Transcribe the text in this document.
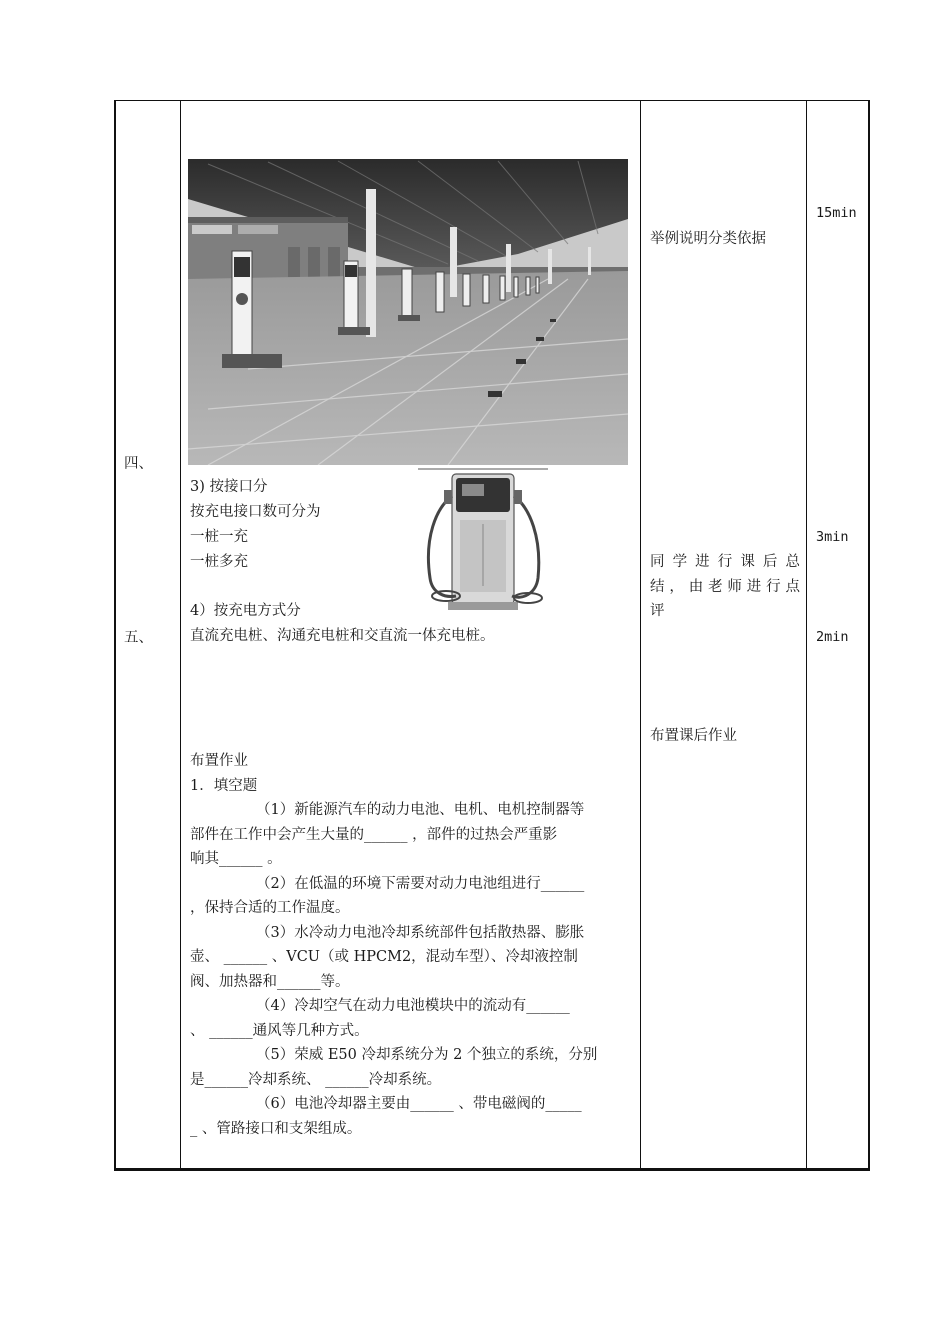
四、
五、
3) 按接口分
按充电接口数可分为
一桩一充
一桩多充
4）按充电方式分
直流充电桩、沟通充电桩和交直流一体充电桩。
布置作业
1．填空题
（1）新能源汽车的动力电池、电机、电机控制器等
部件在工作中会产生大量的______ ，部件的过热会严重影
响其______ 。
（2）在低温的环境下需要对动力电池组进行______
，保持合适的工作温度。
（3）水冷动力电池冷却系统部件包括散热器、膨胀
壶、 ______ 、VCU（或 HPCM2，混动车型）、冷却液控制
阀、加热器和______等。
（4）冷却空气在动力电池模块中的流动有______
、 ______通风等几种方式。
（5）荣威 E50 冷却系统分为 2 个独立的系统，分别
是______冷却系统、 ______冷却系统。
（6）电池冷却器主要由______ 、带电磁阀的_____
_ 、管路接口和支架组成。
举例说明分类依据
同学进行课后总
结，由老师进行点
评
布置课后作业
15min
3min
2min
